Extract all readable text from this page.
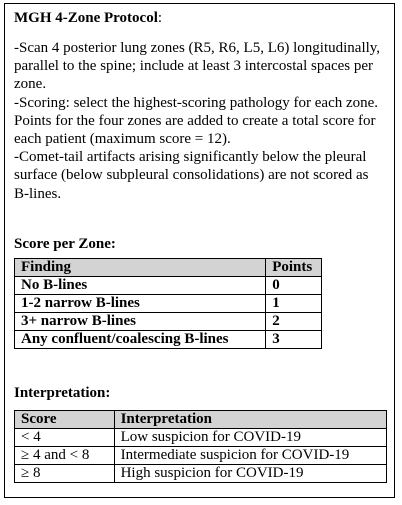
MGH 4-Zone Protocol:
-Scan 4 posterior lung zones (R5, R6, L5, L6) longitudinally, parallel to the spine; include at least 3 intercostal spaces per zone.
-Scoring: select the highest-scoring pathology for each zone. Points for the four zones are added to create a total score for each patient (maximum score = 12).
-Comet-tail artifacts arising significantly below the pleural surface (below subpleural consolidations) are not scored as B-lines.
Score per Zone:
Finding	Points
No B-lines	0
1-2 narrow B-lines	1
3+ narrow B-lines	2
Any confluent/coalescing B-lines	3
Interpretation:
Score	Interpretation
< 4	Low suspicion for COVID-19
≥ 4 and < 8	Intermediate suspicion for COVID-19
≥ 8	High suspicion for COVID-19
